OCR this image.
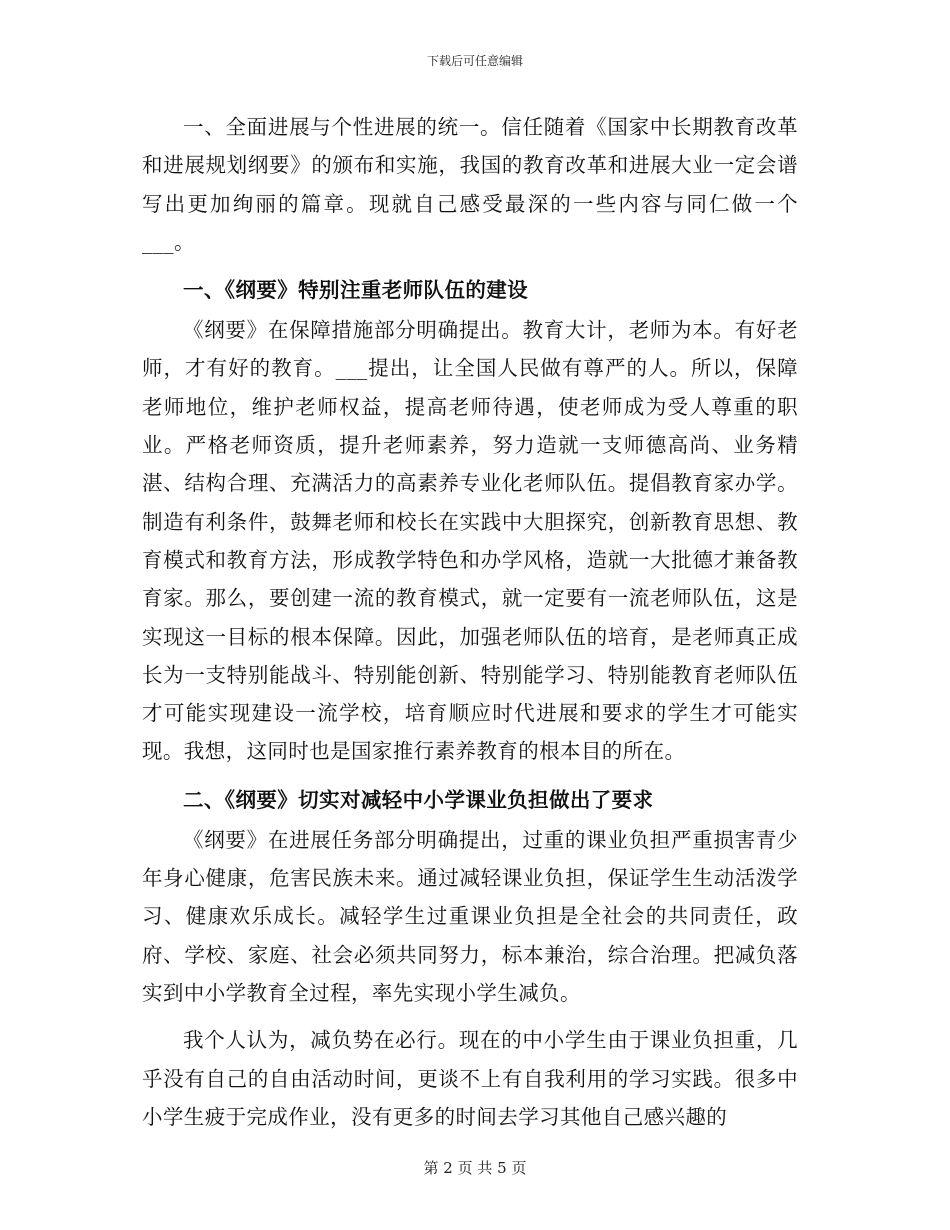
下载后可任意编辑

一、全面进展与个性进展的统一。信任随着《国家中长期教育改革和进展规划纲要》的颁布和实施，我国的教育改革和进展大业一定会谱写出更加绚丽的篇章。现就自己感受最深的一些内容与同仁做一个___。

一、《纲要》特别注重老师队伍的建设

《纲要》在保障措施部分明确提出。教育大计，老师为本。有好老师，才有好的教育。___提出，让全国人民做有尊严的人。所以，保障老师地位，维护老师权益，提高老师待遇，使老师成为受人尊重的职业。严格老师资质，提升老师素养，努力造就一支师德高尚、业务精湛、结构合理、充满活力的高素养专业化老师队伍。提倡教育家办学。制造有利条件，鼓舞老师和校长在实践中大胆探究，创新教育思想、教育模式和教育方法，形成教学特色和办学风格，造就一大批德才兼备教育家。那么，要创建一流的教育模式，就一定要有一流老师队伍，这是实现这一目标的根本保障。因此，加强老师队伍的培育，是老师真正成长为一支特别能战斗、特别能创新、特别能学习、特别能教育老师队伍才可能实现建设一流学校，培育顺应时代进展和要求的学生才可能实现。我想，这同时也是国家推行素养教育的根本目的所在。

二、《纲要》切实对减轻中小学课业负担做出了要求

《纲要》在进展任务部分明确提出，过重的课业负担严重损害青少年身心健康，危害民族未来。通过减轻课业负担，保证学生生动活泼学习、健康欢乐成长。减轻学生过重课业负担是全社会的共同责任，政府、学校、家庭、社会必须共同努力，标本兼治，综合治理。把减负落实到中小学教育全过程，率先实现小学生减负。

我个人认为，减负势在必行。现在的中小学生由于课业负担重，几乎没有自己的自由活动时间，更谈不上有自我利用的学习实践。很多中小学生疲于完成作业，没有更多的时间去学习其他自己感兴趣的

第 2 页 共 5 页
